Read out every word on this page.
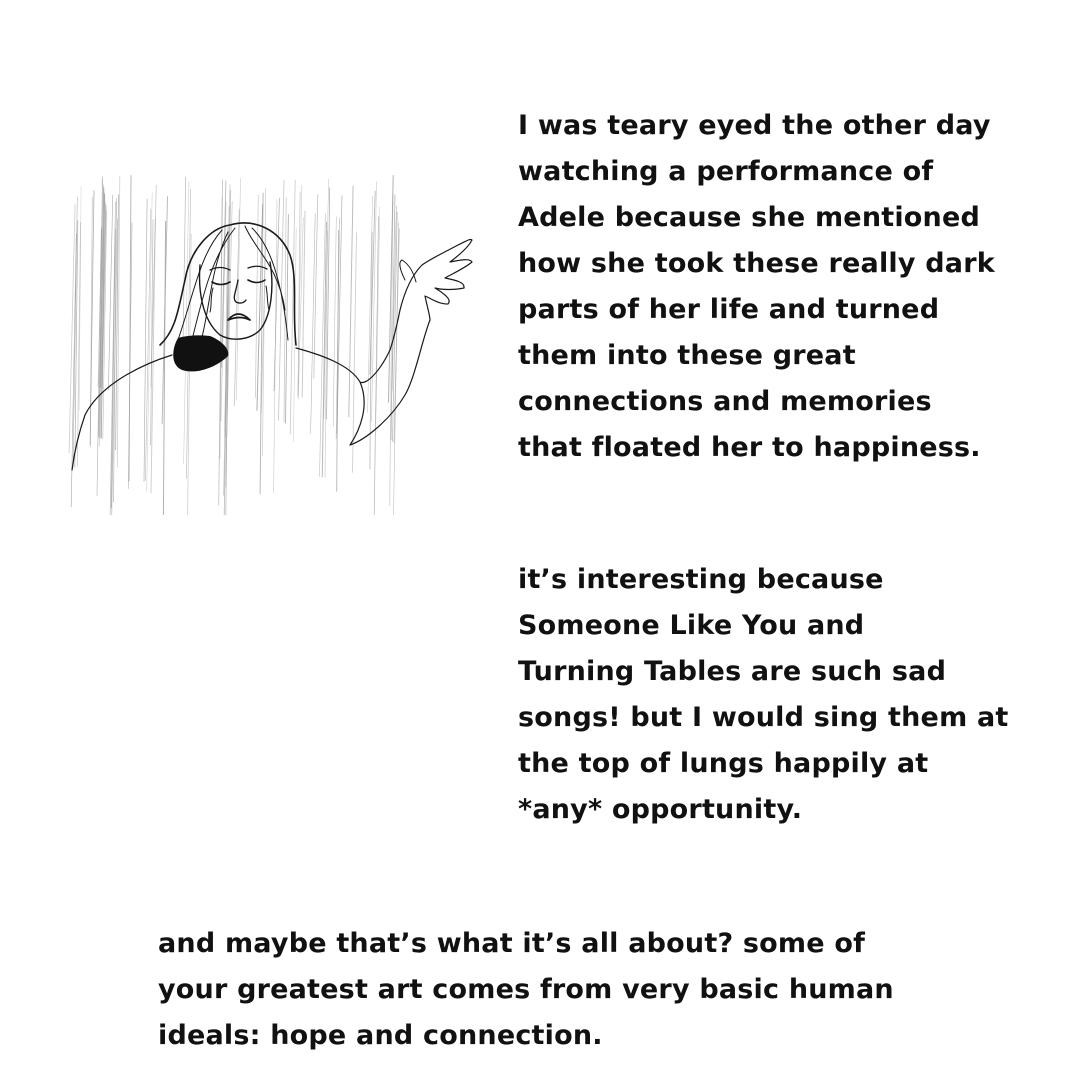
I was teary eyed the other day
watching a performance of
Adele because she mentioned
how she took these really dark
parts of her life and turned
them into these great
connections and memories
that floated her to happiness.
it’s interesting because
Someone Like You and
Turning Tables are such sad
songs! but I would sing them at
the top of lungs happily at
*any* opportunity.
and maybe that’s what it’s all about? some of
your greatest art comes from very basic human
ideals: hope and connection.
